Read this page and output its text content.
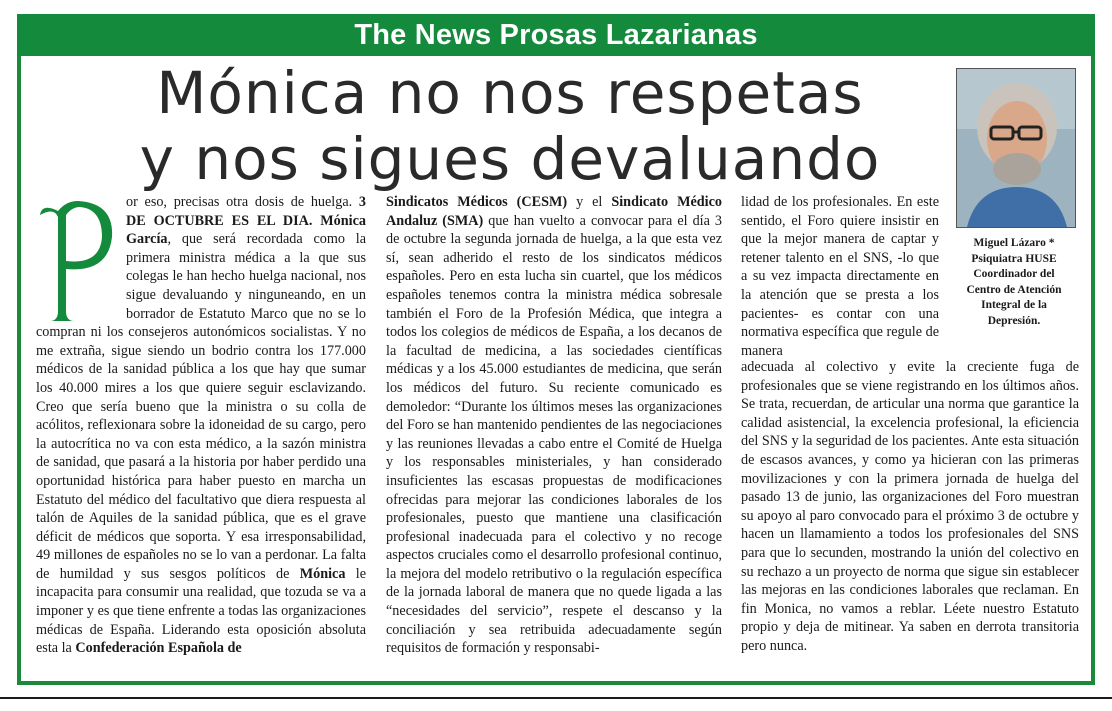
The News Prosas Lazarianas
Mónica no nos respetas
y nos sigues devaluando
Miguel Lázaro *
Psiquiatra HUSE
Coordinador del
Centro de Atención
Integral de la
Depresión.
P

or eso, precisas otra dosis de huelga. 3 DE OCTUBRE ES EL DIA. Mónica García, que será recordada como la primera ministra médica a la que sus colegas le han hecho huelga nacional, nos sigue devaluando y ninguneando, en un borrador de Estatuto Marco que no se lo compran ni los consejeros autonómicos socialistas. Y no me extraña, sigue siendo un bodrio contra los 177.000 médicos de la sanidad pública a los que hay que sumar los 40.000 mires a los que quiere seguir esclavizando. Creo que sería bueno que la ministra o su colla de acólitos, reflexionara sobre la idoneidad de su cargo, pero la autocrítica no va con esta médico, a la sazón ministra de sanidad, que pasará a la historia por haber perdido una oportunidad histórica para haber puesto en marcha un Estatuto del médico del facultativo que diera respuesta al talón de Aquiles de la sanidad pública, que es el grave déficit de médicos que soporta. Y esa irresponsabilidad, 49 millones de españoles no se lo van a perdonar. La falta de humildad y sus sesgos políticos de Mónica le incapacita para consumir una realidad, que tozuda se va a imponer y es que tiene enfrente a todas las organizaciones médicas de España. Liderando esta oposición absoluta esta la Confederación Española de

Sindicatos Médicos (CESM) y el Sindicato Médico Andaluz (SMA) que han vuelto a convocar para el día 3 de octubre la segunda jornada de huelga, a la que esta vez sí, sean adherido el resto de los sindicatos médicos españoles. Pero en esta lucha sin cuartel, que los médicos españoles tenemos contra la ministra médica sobresale también el Foro de la Profesión Médica, que integra a todos los colegios de médicos de España, a los decanos de la facultad de medicina, a las sociedades científicas médicas y a los 45.000 estudiantes de medicina, que serán los médicos del futuro. Su reciente comunicado es demoledor: “Durante los últimos meses las organizaciones del Foro se han mantenido pendientes de las negociaciones y las reuniones llevadas a cabo entre el Comité de Huelga y los responsables ministeriales, y han considerado insuficientes las escasas propuestas de modificaciones ofrecidas para mejorar las condiciones laborales de los profesionales, puesto que mantiene una clasificación profesional inadecuada para el colectivo y no recoge aspectos cruciales como el desarrollo profesional continuo, la mejora del modelo retributivo o la regulación específica de la jornada laboral de manera que no quede ligada a las “necesidades del servicio”, respete el descanso y la conciliación y sea retribuida adecuadamente según requisitos de formación y responsabi-

lidad de los profesionales. En este sentido, el Foro quiere insistir en que la mejor manera de captar y retener talento en el SNS, -lo que a su vez impacta directamente en la atención que se presta a los pacientes- es contar con una normativa específica que regule de manera

adecuada al colectivo y evite la creciente fuga de profesionales que se viene registrando en los últimos años. Se trata, recuerdan, de articular una norma que garantice la calidad asistencial, la excelencia profesional, la eficiencia del SNS y la seguridad de los pacientes. Ante esta situación de escasos avances, y como ya hicieran con las primeras movilizaciones y con la primera jornada de huelga del pasado 13 de junio, las organizaciones del Foro muestran su apoyo al paro convocado para el próximo 3 de octubre y hacen un llamamiento a todos los profesionales del SNS para que lo secunden, mostrando la unión del colectivo en su rechazo a un proyecto de norma que sigue sin establecer las mejoras en las condiciones laborales que reclaman. En fin Monica, no vamos a reblar. Léete nuestro Estatuto propio y deja de mitinear. Ya saben en derrota transitoria pero nunca.
